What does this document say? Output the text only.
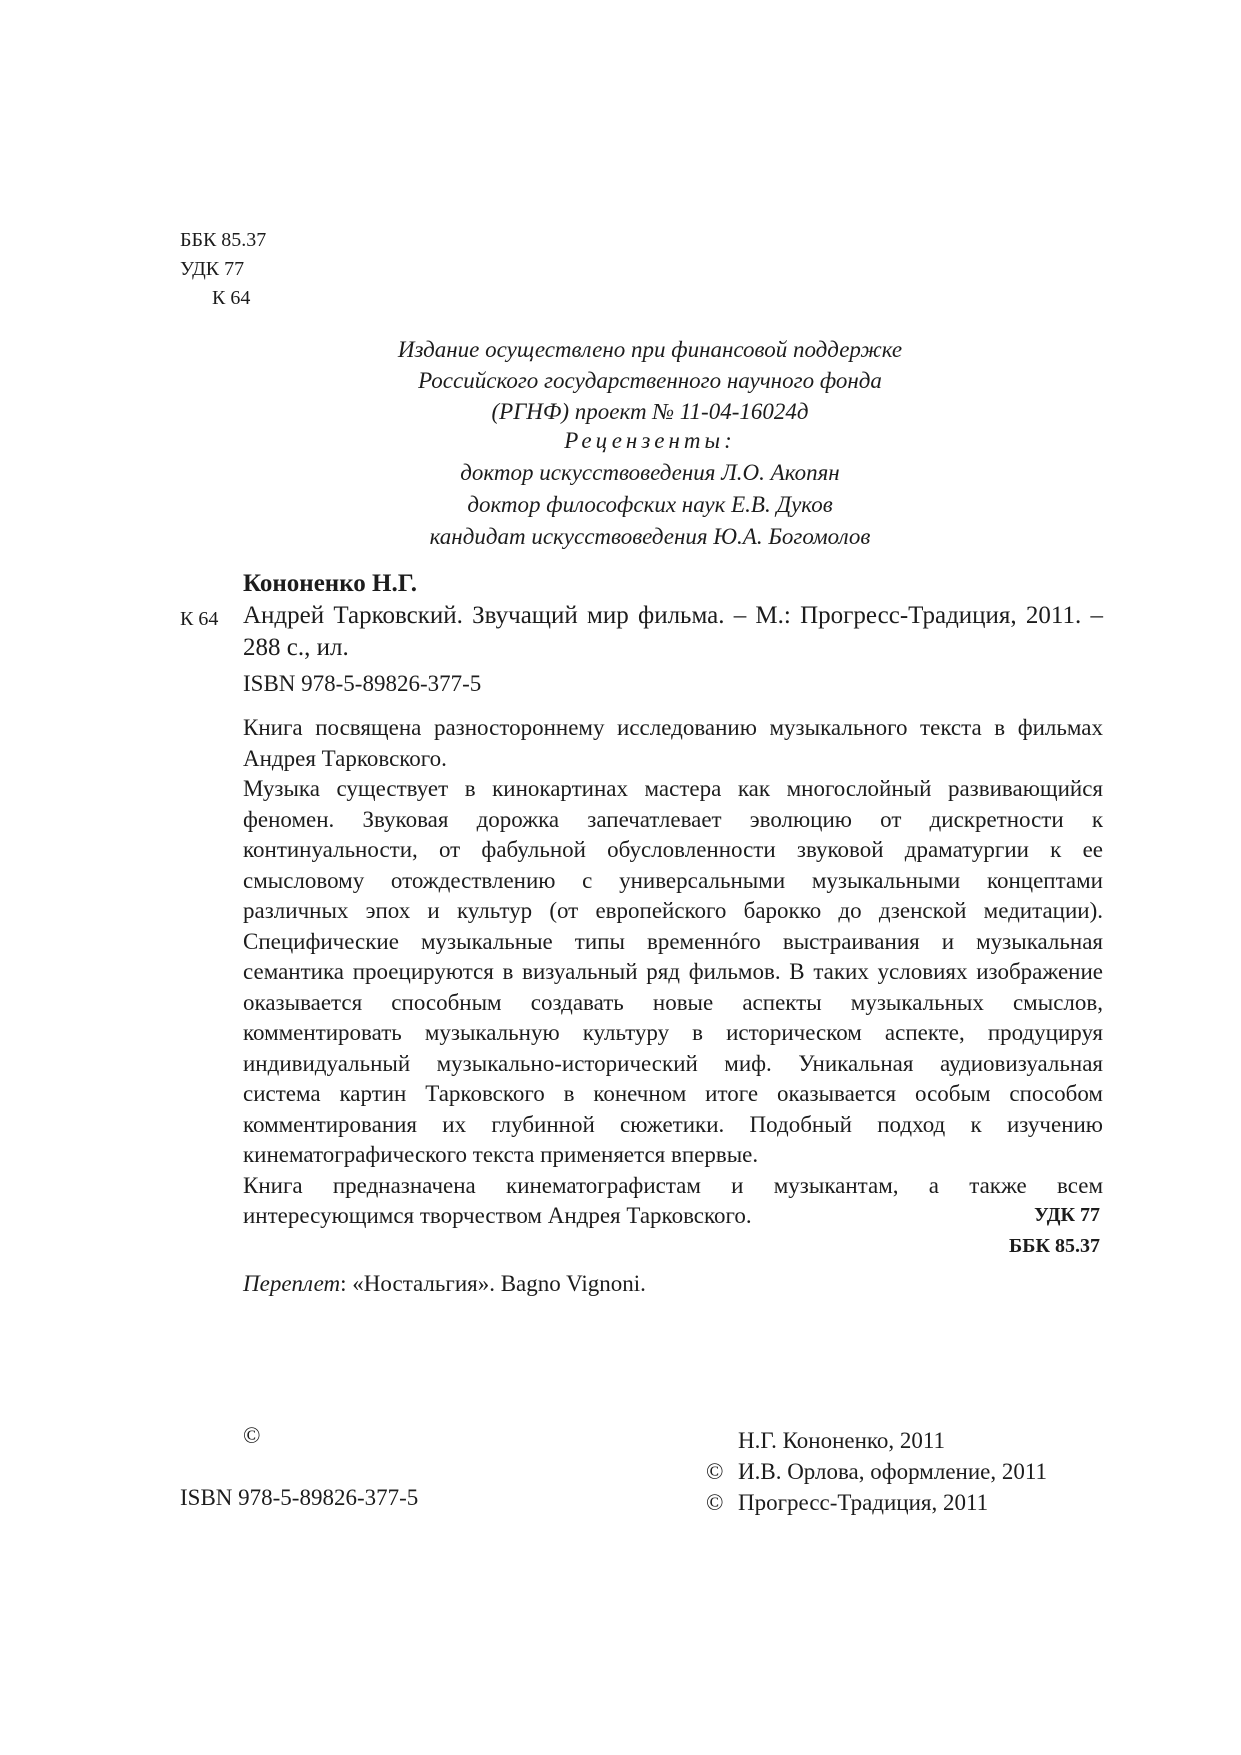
ББК 85.37
УДК 77
К 64
Издание осуществлено при финансовой поддержке
Российского государственного научного фонда
(РГНФ) проект № 11-04-16024д
Рецензенты:
доктор искусствоведения Л.О. Акопян
доктор философских наук Е.В. Дуков
кандидат искусствоведения Ю.А. Богомолов
Кононенко Н.Г.
К 64 Андрей Тарковский. Звучащий мир фильма. – М.: Прогресс-Традиция, 2011. – 288 с., ил.
ISBN 978-5-89826-377-5

Книга посвящена разностороннему исследованию музыкального текста в фильмах Андрея Тарковского.

Музыка существует в кинокартинах мастера как многослойный развивающийся феномен. Звуковая дорожка запечатлевает эволюцию от дискретности к континуальности, от фабульной обусловленности звуковой драматургии к ее смысловому отождествлению с универсальными музыкальными концептами различных эпох и культур (от европейского барокко до дзенской медитации). Специфические музыкальные типы временнóго выстраивания и музыкальная семантика проецируются в визуальный ряд фильмов. В таких условиях изображение оказывается способным создавать новые аспекты музыкальных смыслов, комментировать музыкальную культуру в историческом аспекте, продуцируя индивидуальный музыкально-исторический миф. Уникальная аудиовизуальная система картин Тарковского в конечном итоге оказывается особым способом комментирования их глубинной сюжетики. Подобный подход к изучению кинематографического текста применяется впервые.

Книга предназначена кинематографистам и музыкантам, а также всем интересующимся творчеством Андрея Тарковского.	УДК 77
ББК 85.37
Переплет: «Ностальгия». Bagno Vignoni.
©
ISBN 978-5-89826-377-5
Н.Г. Кононенко, 2011
© И.В. Орлова, оформление, 2011
© Прогресс-Традиция, 2011
